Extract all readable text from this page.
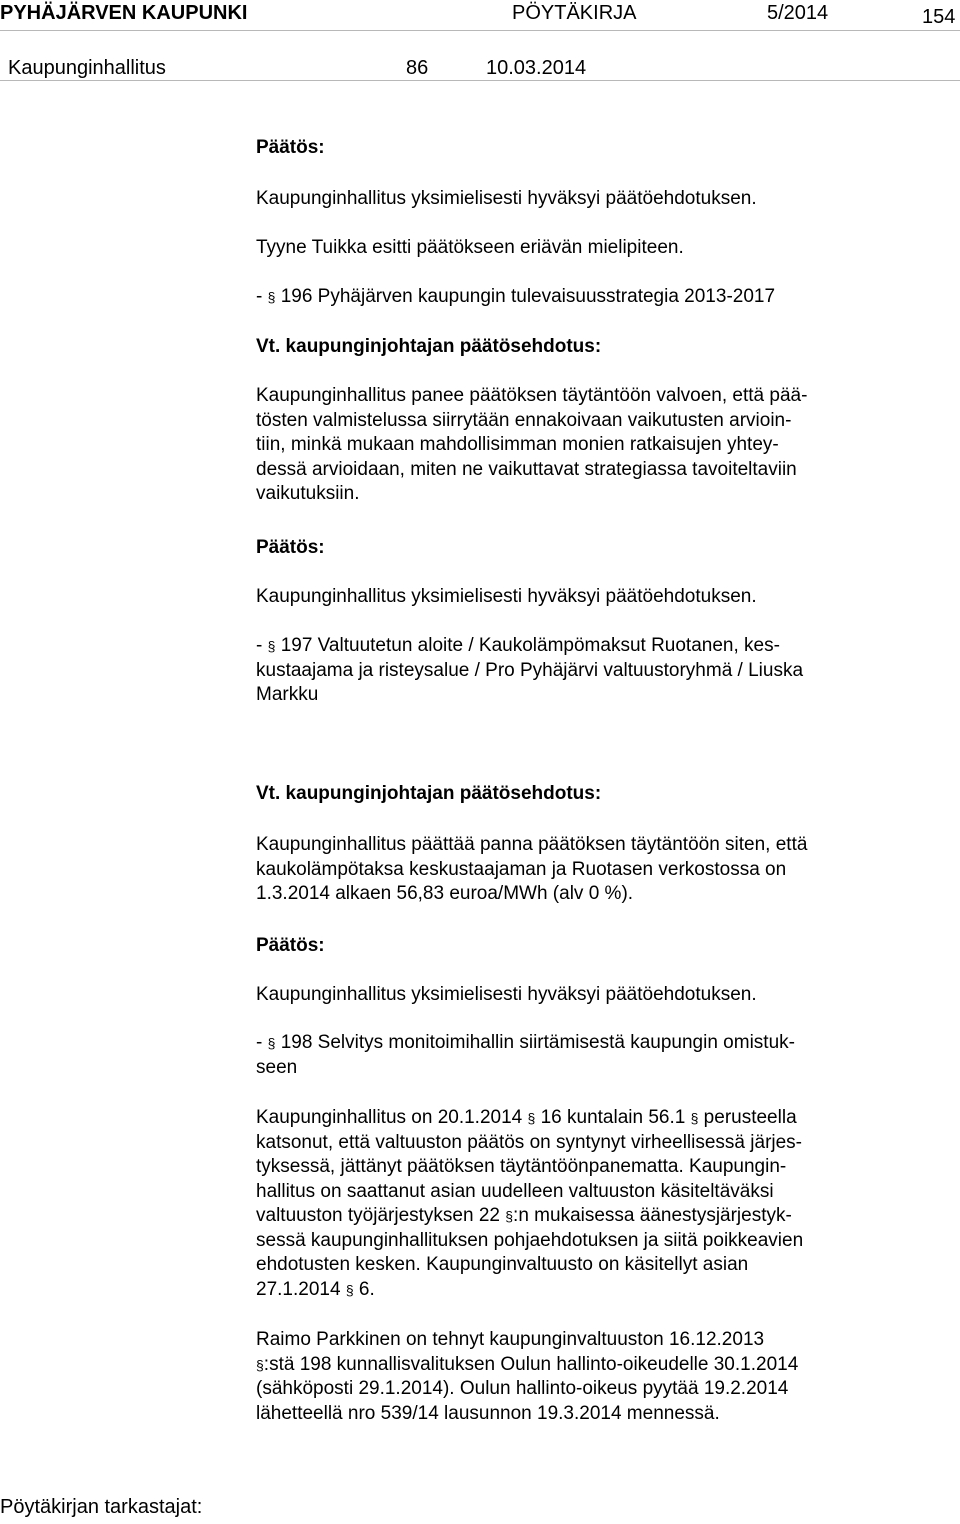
PYHÄJÄRVEN KAUPUNKI	PÖYTÄKIRJA	5/2014	154
Kaupunginhallitus	86	10.03.2014
Päätös:
Kaupunginhallitus yksimielisesti hyväksyi päätöehdotuksen.
Tyyne Tuikka esitti päätökseen eriävän mielipiteen.
- § 196 Pyhäjärven kaupungin tulevaisuusstrategia 2013-2017
Vt. kaupunginjohtajan päätösehdotus:
Kaupunginhallitus panee päätöksen täytäntöön valvoen, että pää-
tösten valmistelussa siirrytään ennakoivaan vaikutusten arvioin-
tiin, minkä mukaan mahdollisimman monien ratkaisujen yhtey-
dessä arvioidaan, miten ne vaikuttavat strategiassa tavoiteltaviin
vaikutuksiin.
Päätös:
Kaupunginhallitus yksimielisesti hyväksyi päätöehdotuksen.
- § 197 Valtuutetun aloite / Kaukolämpömaksut Ruotanen, kes-
kustaajama ja risteysalue / Pro Pyhäjärvi valtuustoryhmä / Liuska
Markku
Vt. kaupunginjohtajan päätösehdotus:
Kaupunginhallitus päättää panna päätöksen täytäntöön siten, että
kaukolämpötaksa keskustaajaman ja Ruotasen verkostossa on
1.3.2014 alkaen 56,83 euroa/MWh (alv 0 %).
Päätös:
Kaupunginhallitus yksimielisesti hyväksyi päätöehdotuksen.
- § 198 Selvitys monitoimihallin siirtämisestä kaupungin omistuk-
seen
Kaupunginhallitus on 20.1.2014 § 16 kuntalain 56.1 § perusteella
katsonut, että valtuuston päätös on syntynyt virheellisessä järjes-
tyksessä, jättänyt päätöksen täytäntöönpanematta. Kaupungin-
hallitus on saattanut asian uudelleen valtuuston käsiteltäväksi
valtuuston työjärjestyksen 22 §:n mukaisessa äänestysjärjestyk-
sessä kaupunginhallituksen pohjaehdotuksen ja siitä poikkeavien
ehdotusten kesken. Kaupunginvaltuusto on käsitellyt asian
27.1.2014 § 6.
Raimo Parkkinen on tehnyt kaupunginvaltuuston 16.12.2013
§:stä 198 kunnallisvalituksen Oulun hallinto-oikeudelle 30.1.2014
(sähköposti 29.1.2014). Oulun hallinto-oikeus pyytää 19.2.2014
lähetteellä nro 539/14 lausunnon 19.3.2014 mennessä.
Pöytäkirjan tarkastajat:
